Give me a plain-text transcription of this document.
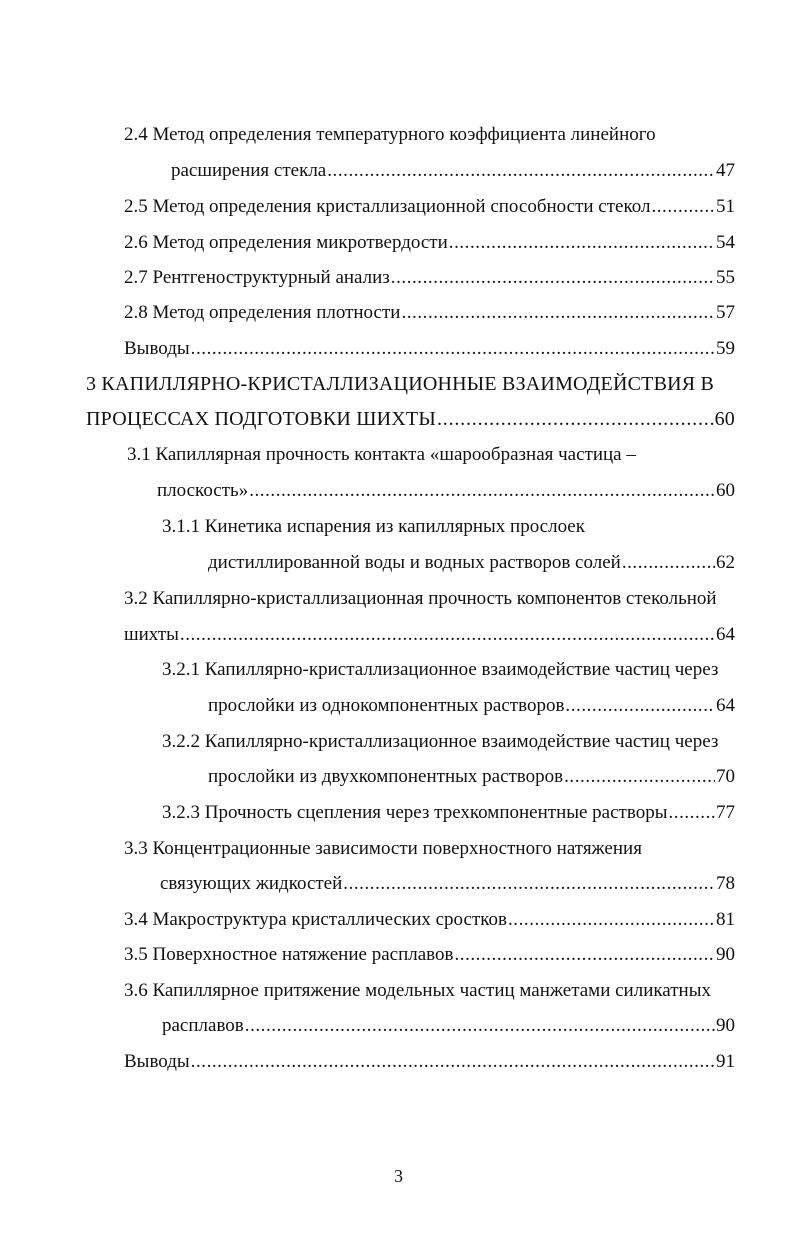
2.4 Метод определения температурного коэффициента линейного
расширения стекла . . .	47
2.5 Метод определения кристаллизационной способности стекол . . .	51
2.6 Метод определения микротвердости . . .	54
2.7 Рентгеноструктурный анализ . . .	55
2.8 Метод определения плотности . . .	57
Выводы . . .	59
3 КАПИЛЛЯРНО-КРИСТАЛЛИЗАЦИОННЫЕ ВЗАИМОДЕЙСТВИЯ В
ПРОЦЕССАХ ПОДГОТОВКИ ШИХТЫ . . .	60
3.1 Капиллярная прочность контакта «шарообразная частица –
плоскость» . . .	60
3.1.1 Кинетика испарения из капиллярных прослоек
дистиллированной воды и водных растворов солей . . .	62
3.2 Капиллярно-кристаллизационная прочность компонентов стекольной
шихты . . .	64
3.2.1 Капиллярно-кристаллизационное взаимодействие частиц через
прослойки из однокомпонентных растворов . . .	64
3.2.2 Капиллярно-кристаллизационное взаимодействие частиц через
прослойки из двухкомпонентных растворов . . .	70
3.2.3 Прочность сцепления через трехкомпонентные растворы . . .	77
3.3 Концентрационные зависимости поверхностного натяжения
связующих жидкостей . . .	78
3.4 Макроструктура кристаллических сростков . . .	81
3.5 Поверхностное натяжение расплавов . . .	90
3.6 Капиллярное притяжение модельных частиц манжетами силикатных
расплавов . . .	90
Выводы . . .	91
3
